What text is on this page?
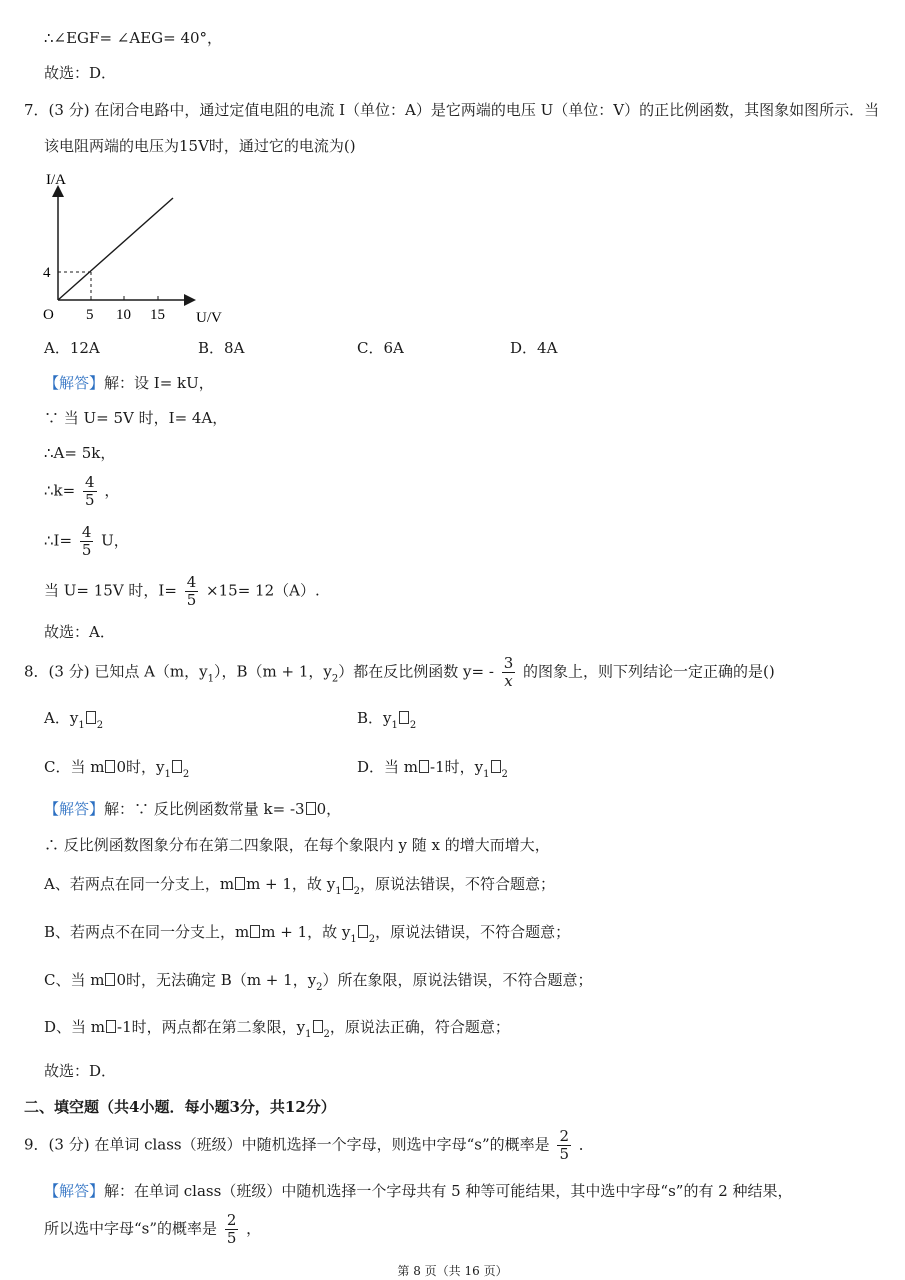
∴∠EGF= ∠AEG= 40°，
故选：D．
7．(3 分) 在闭合电路中，通过定值电阻的电流 I（单位：A）是它两端的电压 U（单位：V）的正比例函数，其图象如图所示．当
该电阻两端的电压为15V时，通过它的电流为()
I/A
U/V
O
4
5 10 15
A．12A	B．8A	C．6A	D．4A
【解答】解：设 I= kU，
∵ 当 U= 5V 时，I= 4A，
∴A= 5k，
∴k= $\frac{4}{5}$ ，
∴I= $\frac{4}{5}$ U，
当 U= 15V 时，$I= \frac{4}{5} \times 15= 12(A)$.
故选：A．
8．(3 分) 已知点 A（m，$y_1$），B（m + 1，$y_2$）都在反比例函数 $y= - \frac{3}{x}$ 的图象上，则下列结论一定正确的是()
A．$y_1$ $_2$	B．$y_1$ $_2$
C．当 m 0时，$y_1$ $_2$	D．当 m -1时，$y_1$ $_2$
【解答】解：∵ 反比例函数常量 k= -3 0，
∴ 反比例函数图象分布在第二四象限，在每个象限内 y 随 x 的增大而增大，
A、若两点在同一分支上，m m + 1，故 $y_1$ $_2$，原说法错误，不符合题意；
B、若两点不在同一分支上，m m + 1，故 $y_1$ $_2$，原说法错误，不符合题意；
C、当 m 0时，无法确定 B（m + 1，$y_2$）所在象限，原说法错误，不符合题意；
D、当 m -1时，两点都在第二象限，$y_1$ $_2$，原说法正确，符合题意；
故选：D．
二、填空题（共4小题．每小题3分，共12分）
9．(3 分) 在单词 class（班级）中随机选择一个字母，则选中字母“s”的概率是 $\frac{2}{5}$ ．
【解答】解：在单词 class（班级）中随机选择一个字母共有 5 种等可能结果，其中选中字母“s”的有 2 种结果，
所以选中字母“s”的概率是 $\frac{2}{5}$ ，
第 8 页（共 16 页）
